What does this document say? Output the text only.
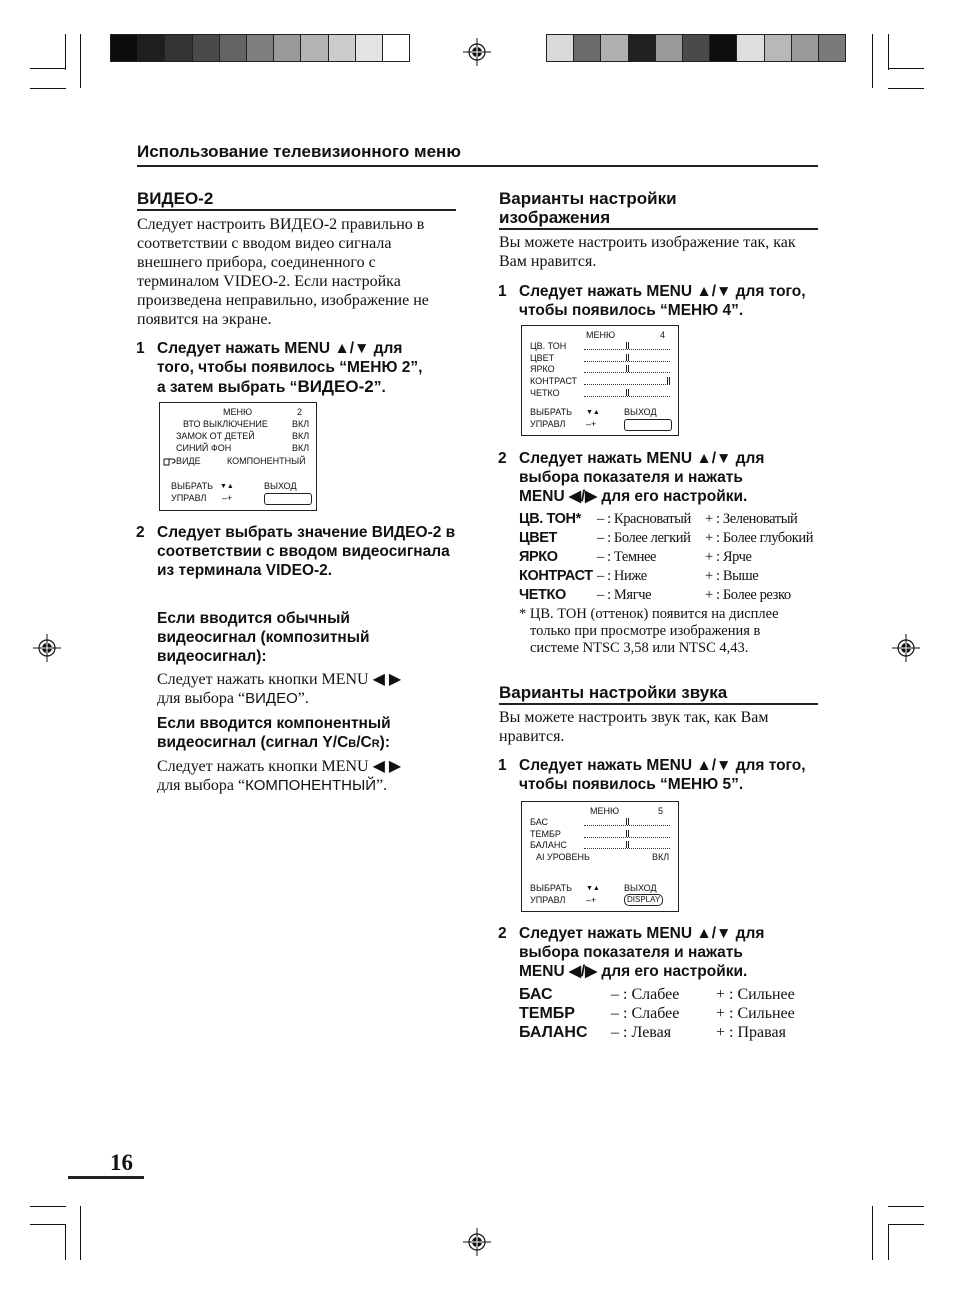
Использование телевизионного меню
ВИДЕО-2
Следует настроить ВИДЕО-2 правильно в соответствии с вводом видео сигнала внешнего прибора, соединенного с терминалом VIDEO-2. Если настройка произведена неправильно, изображение не появится на экране.
1 Следует нажать MENU ▲/▼ для
того, чтобы появилось “МЕНЮ 2”,
а затем выбрать “ВИДЕО-2”.
МЕНЮ	2
ВТО ВЫКЛЮЧЕНИЕ	ВКЛ
ЗАМОК ОТ ДЕТЕЙ	ВКЛ
СИНИЙ ФОН	ВКЛ
ВИДЕ	КОМПОНЕНТНЫЙ
ВЫБРАТЬ ▼▲	ВЫХОД
УПРАВЛ –+
2 Следует выбрать значение ВИДЕО-2 в соответствии с вводом видеосигнала из терминала VIDEO-2.
Если вводится обычный видеосигнал (композитный видеосигнал):
Следует нажать кнопки MENU ◀ ▶
для выбора “ВИДЕО”.
Если вводится компонентный
видеосигнал (сигнал Y/CB/CR):
Следует нажать кнопки MENU ◀ ▶
для выбора “КОМПОНЕНТНЫЙ”.
Варианты настройки
изображения
Вы можете настроить изображение так, как Вам нравится.
1 Следует нажать MENU ▲/▼ для того, чтобы появилось “МЕНЮ 4”.
МЕНЮ	4
ЦВ. ТОН
ЦВЕТ
ЯРКО
КОНТРАСТ
ЧЕТКО
ВЫБРАТЬ ▼▲	ВЫХОД
УПРАВЛ –+
2 Следует нажать MENU ▲/▼ для
выбора показателя и нажать
MENU ◀/▶ для его настройки.
ЦВ. ТОН*	– : Красноватый	+ : Зеленоватый
ЦВЕТ	– : Более легкий	+ : Более глубокий
ЯРКО	– : Темнее	+ : Ярче
КОНТРАСТ	– : Ниже	+ : Выше
ЧЕТКО	– : Мягче	+ : Более резко
* ЦВ. ТОН (оттенок) появится на дисплее
только при просмотре изображения в
системе NTSC 3,58 или NTSC 4,43.
Варианты настройки звука
Вы можете настроить звук так, как Вам нравится.
1 Следует нажать MENU ▲/▼ для того, чтобы появилось “МЕНЮ 5”.
МЕНЮ	5
БАС
ТЕМБР
БАЛАНС
AI УРОВЕНЬ	ВКЛ
ВЫБРАТЬ ▼▲	ВЫХОД
УПРАВЛ –+	DISPLAY
2 Следует нажать MENU ▲/▼ для
выбора показателя и нажать
MENU ◀/▶ для его настройки.
БАС	– : Слабее	+ : Сильнее
ТЕМБР	– : Слабее	+ : Сильнее
БАЛАНС	– : Левая	+ : Правая
16
